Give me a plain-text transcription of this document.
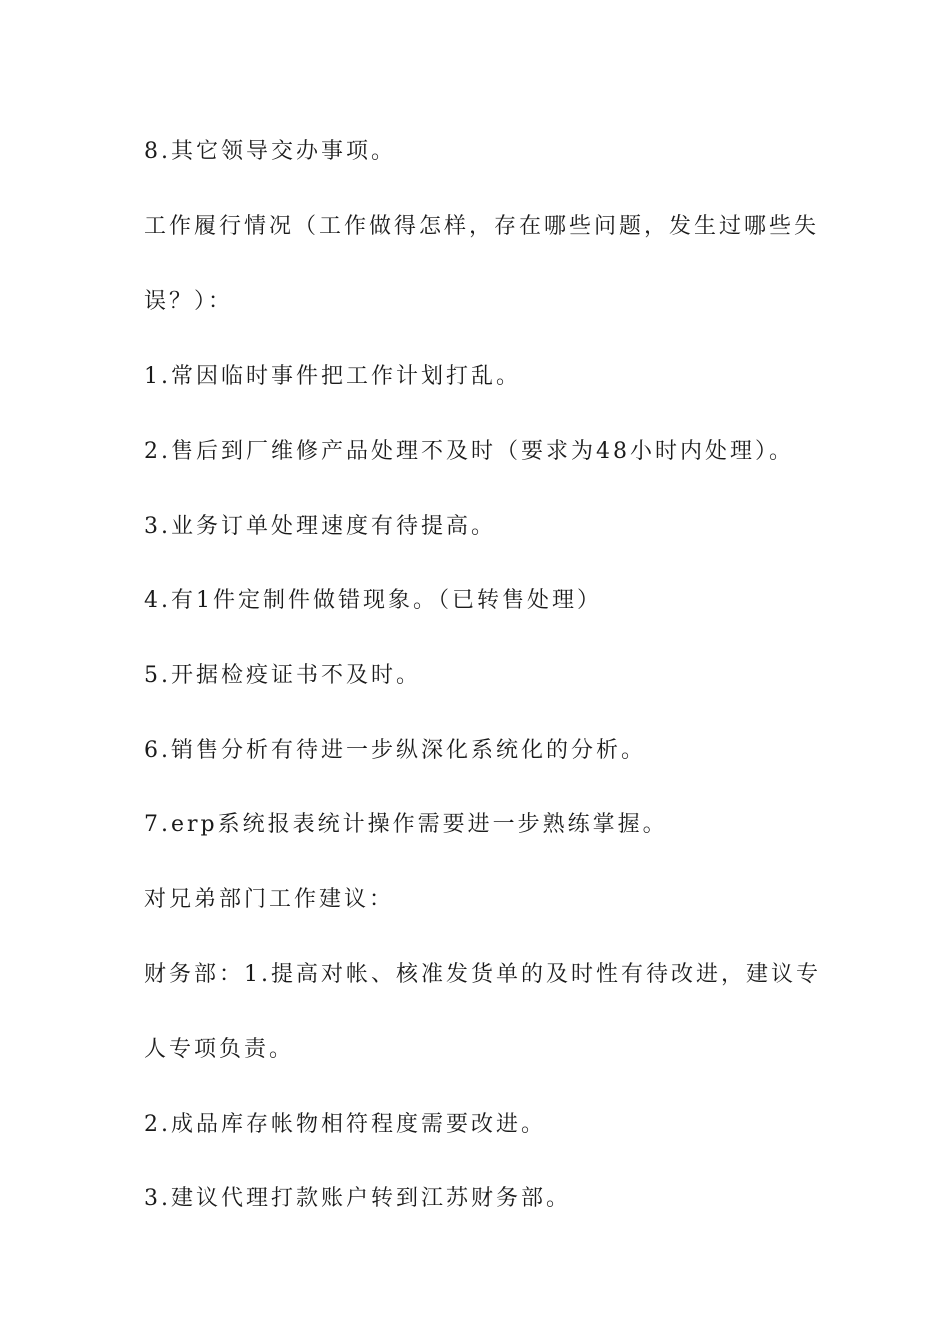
8.其它领导交办事项。
工作履行情况（工作做得怎样，存在哪些问题，发生过哪些失
误？）：
1.常因临时事件把工作计划打乱。
2.售后到厂维修产品处理不及时（要求为48小时内处理）。
3.业务订单处理速度有待提高。
4.有1件定制件做错现象。（已转售处理）
5.开据检疫证书不及时。
6.销售分析有待进一步纵深化系统化的分析。
7.erp系统报表统计操作需要进一步熟练掌握。
对兄弟部门工作建议：
财务部：1.提高对帐、核准发货单的及时性有待改进，建议专
人专项负责。
2.成品库存帐物相符程度需要改进。
3.建议代理打款账户转到江苏财务部。
